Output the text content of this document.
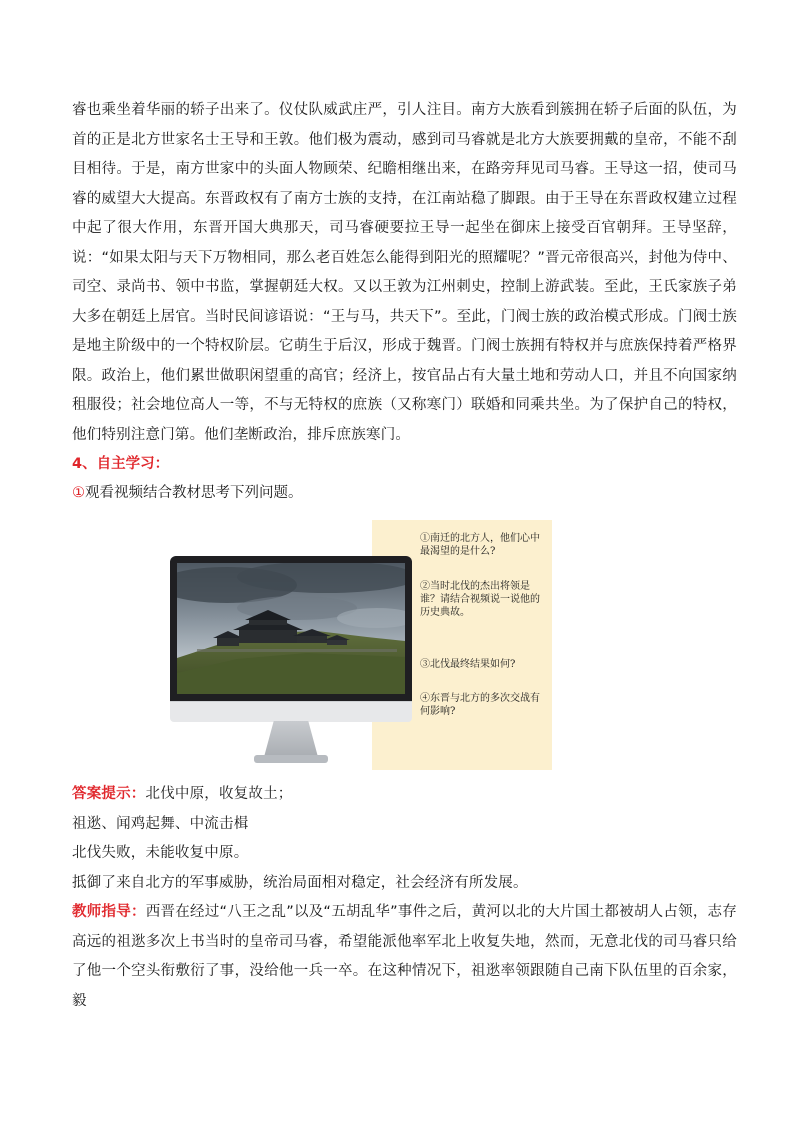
睿也乘坐着华丽的轿子出来了。仪仗队威武庄严，引人注目。南方大族看到簇拥在轿子后面的队伍，为首的正是北方世家名士王导和王敦。他们极为震动，感到司马睿就是北方大族要拥戴的皇帝，不能不刮目相待。于是，南方世家中的头面人物顾荣、纪瞻相继出来，在路旁拜见司马睿。王导这一招，使司马睿的威望大大提高。东晋政权有了南方士族的支持，在江南站稳了脚跟。由于王导在东晋政权建立过程中起了很大作用，东晋开国大典那天，司马睿硬要拉王导一起坐在御床上接受百官朝拜。王导坚辞，说：“如果太阳与天下万物相同，那么老百姓怎么能得到阳光的照耀呢？”晋元帝很高兴，封他为侍中、司空、录尚书、领中书监，掌握朝廷大权。又以王敦为江州刺史，控制上游武装。至此，王氏家族子弟大多在朝廷上居官。当时民间谚语说：“王与马，共天下”。至此，门阀士族的政治模式形成。门阀士族是地主阶级中的一个特权阶层。它萌生于后汉，形成于魏晋。门阀士族拥有特权并与庶族保持着严格界限。政治上，他们累世做职闲望重的高官；经济上，按官品占有大量土地和劳动人口，并且不向国家纳租服役；社会地位高人一等，不与无特权的庶族（又称寒门）联婚和同乘共坐。为了保护自己的特权，他们特别注意门第。他们垄断政治，排斥庶族寒门。

4、自主学习：

①观看视频结合教材思考下列问题。

①南迁的北方人，他们心中最渴望的是什么?
②当时北伐的杰出将领是谁？请结合视频说一说他的历史典故。
③北伐最终结果如何?
④东晋与北方的多次交战有何影响?

答案提示：北伐中原，收复故土；

祖逖、闻鸡起舞、中流击楫

北伐失败，未能收复中原。

抵御了来自北方的军事威胁，统治局面相对稳定，社会经济有所发展。

教师指导：西晋在经过“八王之乱”以及“五胡乱华”事件之后，黄河以北的大片国土都被胡人占领，志存高远的祖逖多次上书当时的皇帝司马睿，希望能派他率军北上收复失地，然而，无意北伐的司马睿只给了他一个空头衔敷衍了事，没给他一兵一卒。在这种情况下，祖逖率领跟随自己南下队伍里的百余家，毅
